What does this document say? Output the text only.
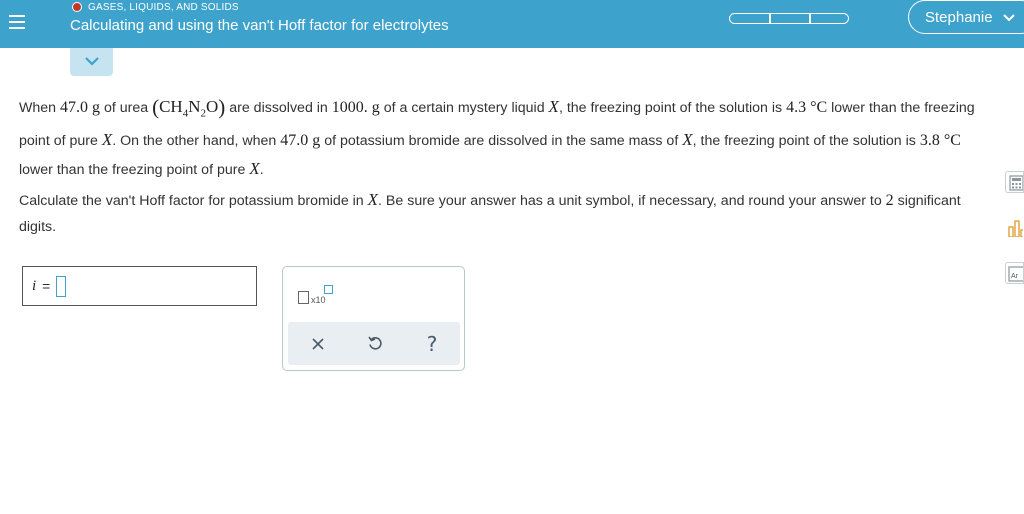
GASES, LIQUIDS, AND SOLIDS
Calculating and using the van't Hoff factor for electrolytes	Stephanie

When 47.0 g of urea $(CH_4N_2O)$ are dissolved in 1000. g of a certain mystery liquid X, the freezing point of the solution is 4.3 °C lower than the freezing point of pure X. On the other hand, when 47.0 g of potassium bromide are dissolved in the same mass of X, the freezing point of the solution is 3.8 °C lower than the freezing point of pure X.

Calculate the van't Hoff factor for potassium bromide in X. Be sure your answer has a unit symbol, if necessary, and round your answer to 2 significant digits.

i =
x10
?
Ar
